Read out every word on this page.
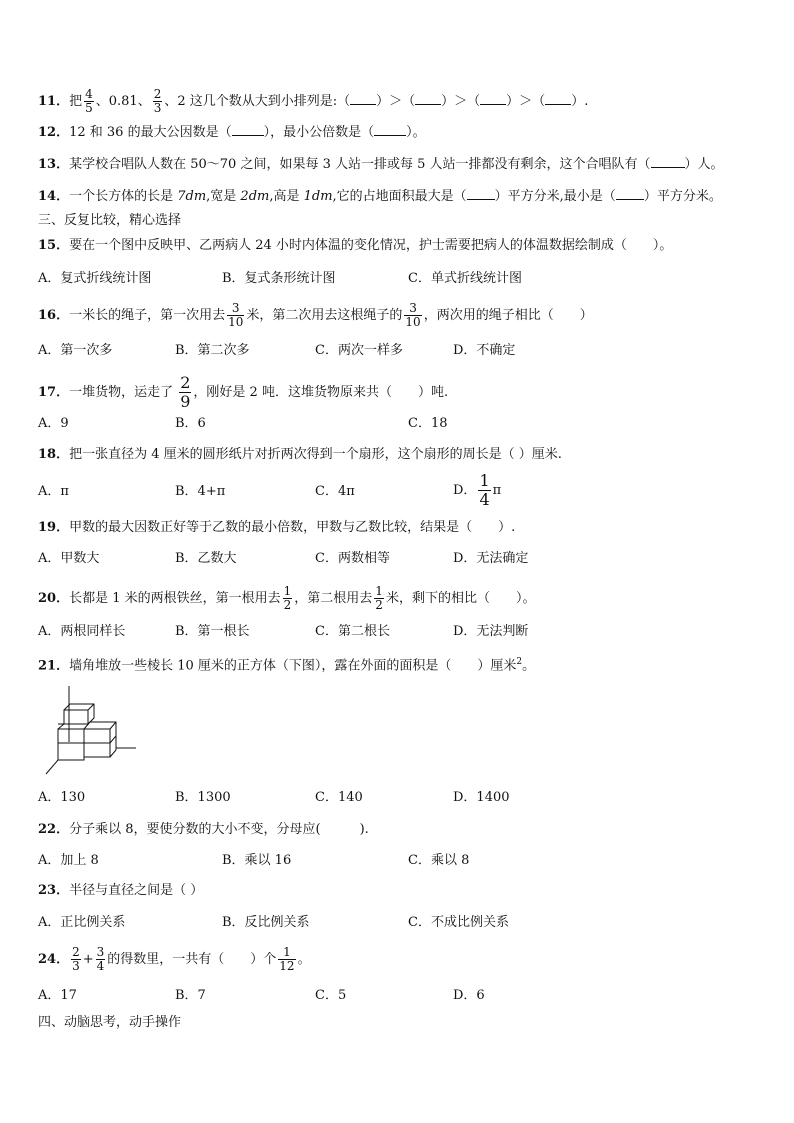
11．把 $\frac{4}{5}$ 、0.81、 $\frac{2}{3}$ 、2 这几个数从大到小排列是:（ ）＞（ ）＞（ ）＞（ ）.
12．12 和 36 的最大公因数是（ ），最小公倍数是（ ）。
13．某学校合唱队人数在 50～70 之间，如果每 3 人站一排或每 5 人站一排都没有剩余，这个合唱队有（	）人。
14．一个长方体的长是 7dm,宽是 2dm,高是 1dm,它的占地面积最大是（ ）平方分米,最小是（ ）平方分米。
三、反复比较，精心选择
15．要在一个图中反映甲、乙两病人 24 小时内体温的变化情况，护士需要把病人的体温数据绘制成（　　）。
A．复式折线统计图	B．复式条形统计图	C．单式折线统计图
16．一米长的绳子，第一次用去 $\frac{3}{10}$ 米，第二次用去这根绳子的 $\frac{3}{10}$ ，两次用的绳子相比（　　）
A．第一次多	B．第二次多	C．两次一样多	D．不确定
17．一堆货物，运走了 $\frac{2}{9}$ ，刚好是 2 吨．这堆货物原来共（　　）吨.
A．9	B．6	C．18
18．把一张直径为 4 厘米的圆形纸片对折两次得到一个扇形，这个扇形的周长是（ ）厘米.
A．π	B．4+π	C．4π	D． $\frac{1}{4}$ π
19．甲数的最大因数正好等于乙数的最小倍数，甲数与乙数比较，结果是（　　）.
A．甲数大	B．乙数大	C．两数相等	D．无法确定
20．长都是 1 米的两根铁丝，第一根用去 $\frac{1}{2}$ ，第二根用去 $\frac{1}{2}$ 米，剩下的相比（　　）。
A．两根同样长	B．第一根长	C．第二根长	D．无法判断
21．墙角堆放一些棱长 10 厘米的正方体（下图），露在外面的面积是（　　）厘米$^2$。
A．130	B．1300	C．140	D．1400
22．分子乘以 8，要使分数的大小不变，分母应(　　　).
A．加上 8	B．乘以 16	C．乘以 8
23．半径与直径之间是（ ）
A．正比例关系	B．反比例关系	C．不成比例关系
24． $\frac{2}{3} + \frac{3}{4}$ 的得数里，一共有（　　）个 $\frac{1}{12}$ 。
A．17	B．7	C．5	D．6
四、动脑思考，动手操作
